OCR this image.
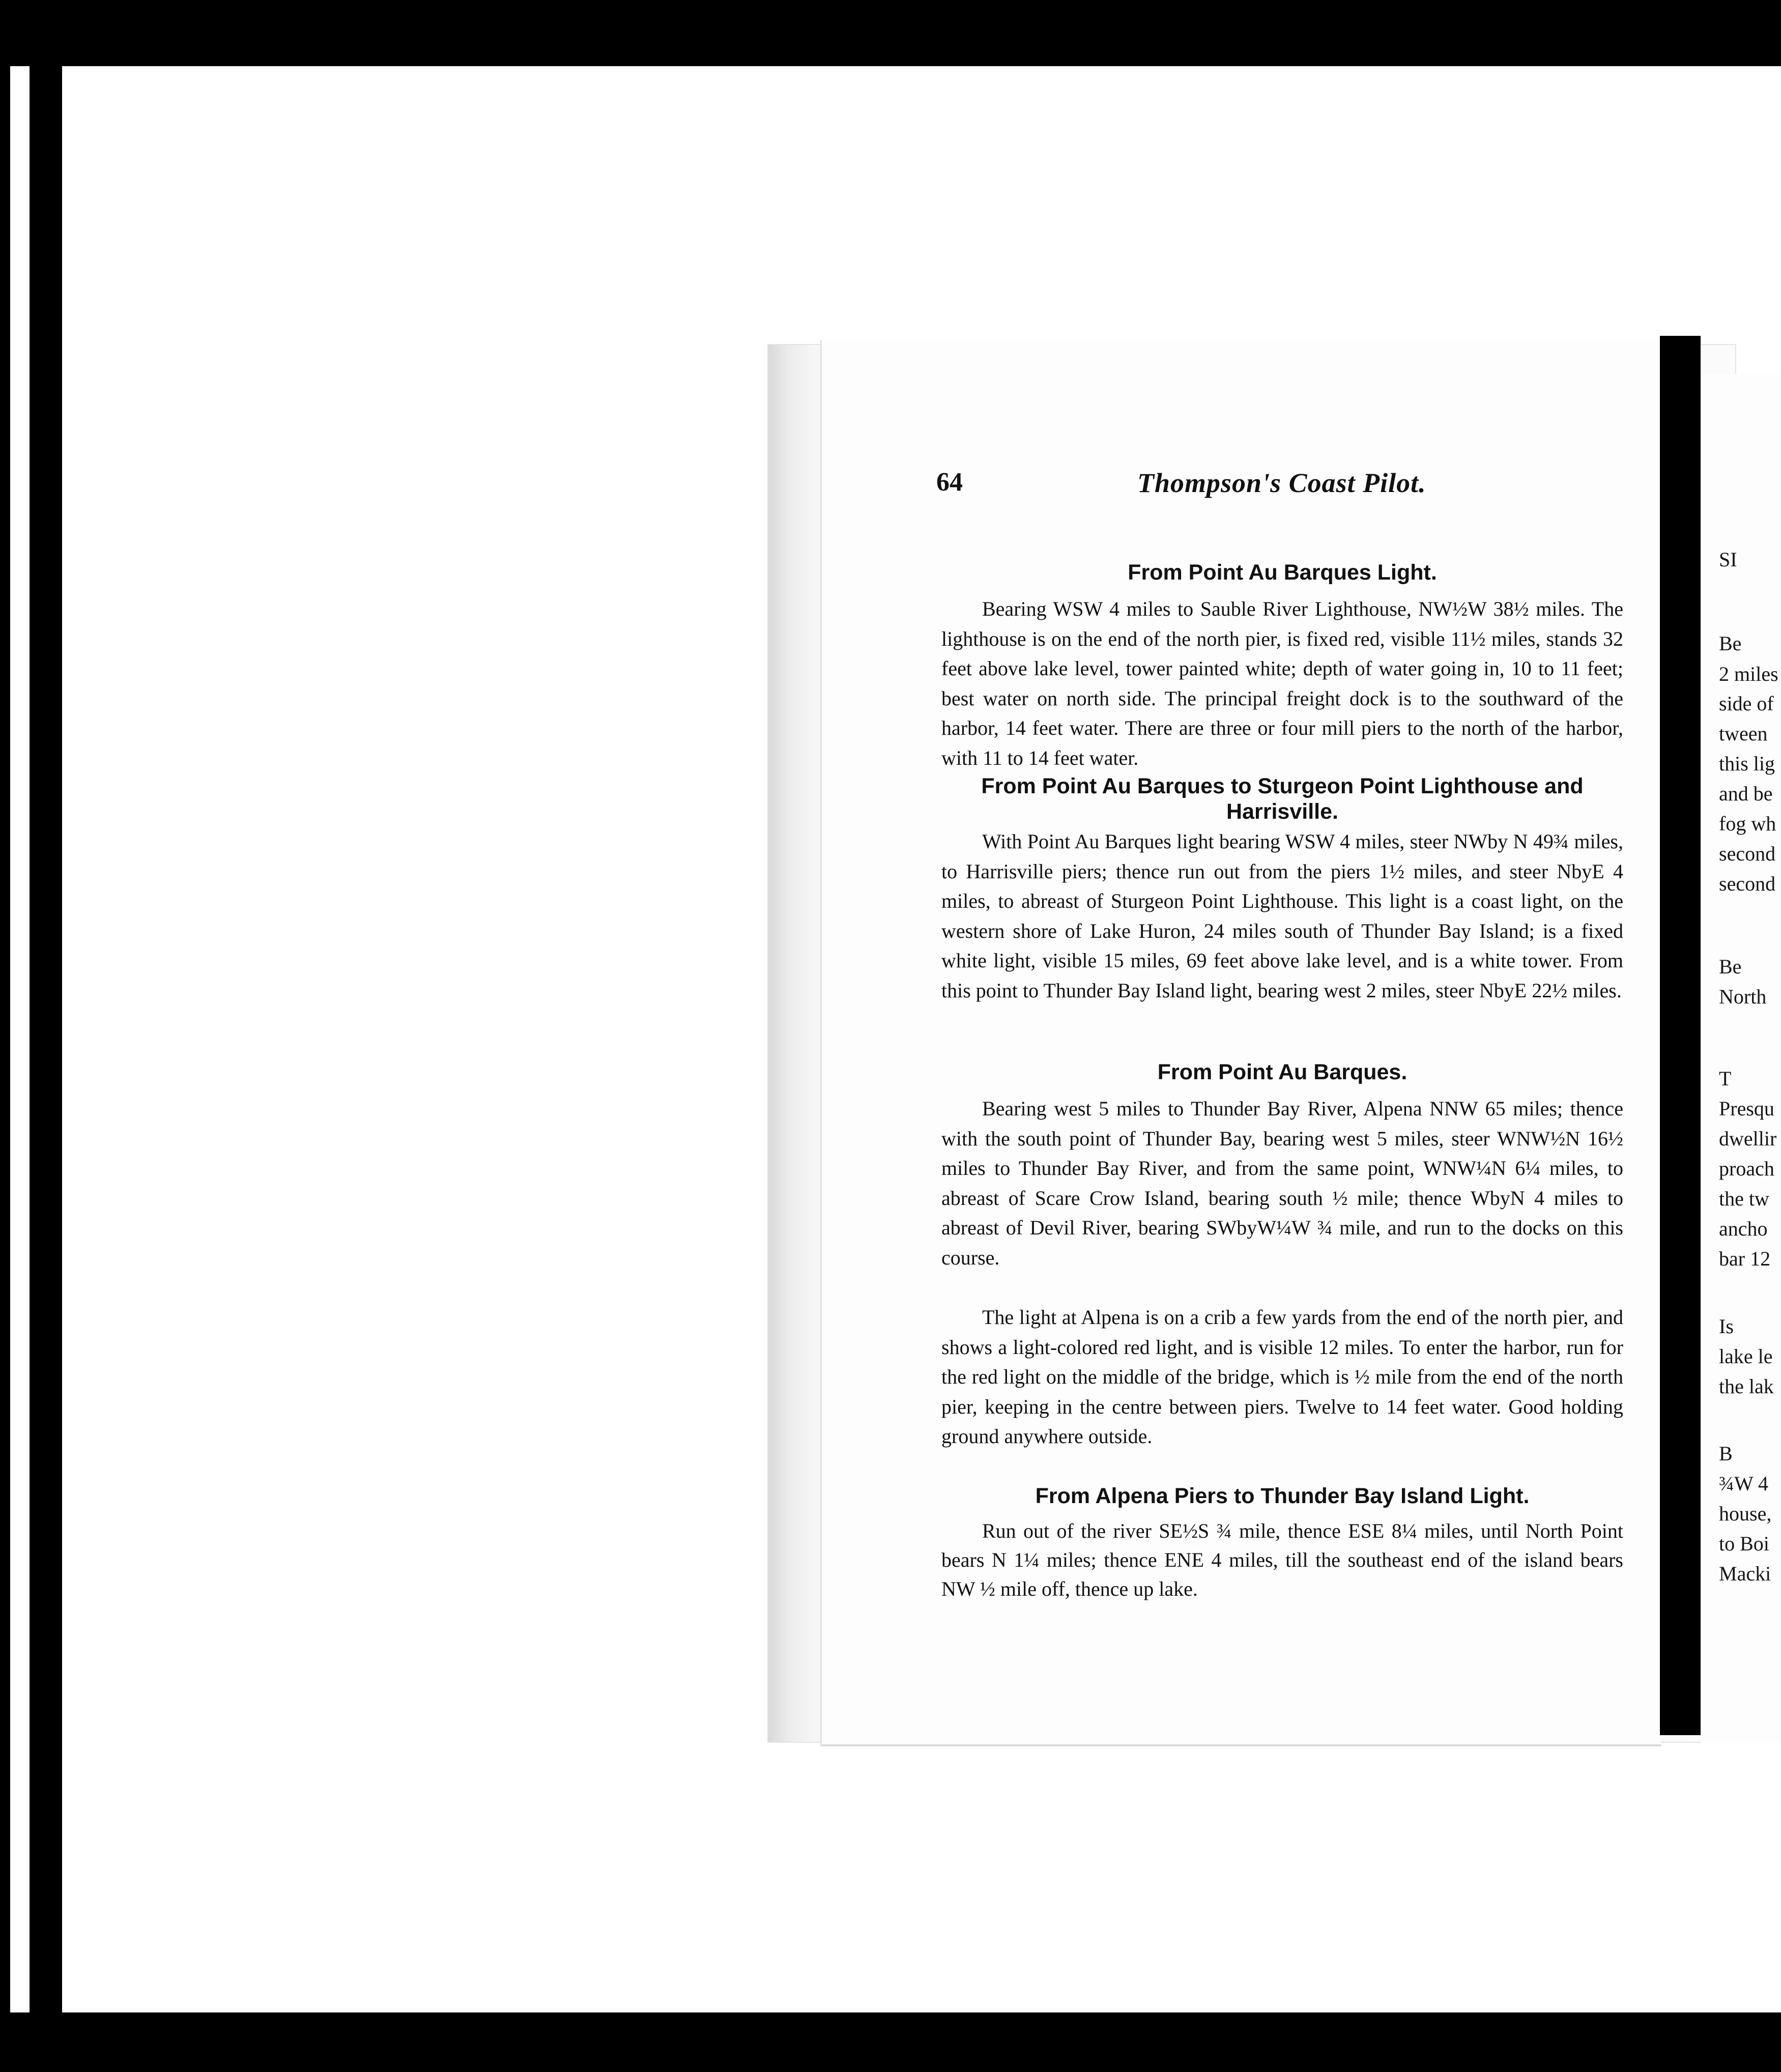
SI
Be
2 miles
side of
tween
this lig
and be
fog wh
second
second
Be
North
T
Presqu
dwellir
proach
the tw
ancho
bar 12
Is
lake le
the lak
B
¾W 4
house,
to Boi
Macki
64	Thompson's Coast Pilot.
From Point Au Barques Light.
Bearing WSW 4 miles to Sauble River Lighthouse, NW½W 38½ miles. The lighthouse is on the end of the north pier, is fixed red, visible 11½ miles, stands 32 feet above lake level, tower painted white; depth of water going in, 10 to 11 feet; best water on north side. The principal freight dock is to the southward of the harbor, 14 feet water. There are three or four mill piers to the north of the harbor, with 11 to 14 feet water.
From Point Au Barques to Sturgeon Point Lighthouse and Harrisville.
With Point Au Barques light bearing WSW 4 miles, steer NWby N 49¾ miles, to Harrisville piers; thence run out from the piers 1½ miles, and steer NbyE 4 miles, to abreast of Sturgeon Point Lighthouse. This light is a coast light, on the western shore of Lake Huron, 24 miles south of Thunder Bay Island; is a fixed white light, visible 15 miles, 69 feet above lake level, and is a white tower. From this point to Thunder Bay Island light, bearing west 2 miles, steer NbyE 22½ miles.
From Point Au Barques.
Bearing west 5 miles to Thunder Bay River, Alpena NNW 65 miles; thence with the south point of Thunder Bay, bearing west 5 miles, steer WNW½N 16½ miles to Thunder Bay River, and from the same point, WNW¼N 6¼ miles, to abreast of Scare Crow Island, bearing south ½ mile; thence WbyN 4 miles to abreast of Devil River, bearing SWbyW¼W ¾ mile, and run to the docks on this course.
The light at Alpena is on a crib a few yards from the end of the north pier, and shows a light-colored red light, and is visible 12 miles. To enter the harbor, run for the red light on the middle of the bridge, which is ½ mile from the end of the north pier, keeping in the centre between piers. Twelve to 14 feet water. Good holding ground anywhere outside.
From Alpena Piers to Thunder Bay Island Light.
Run out of the river SE½S ¾ mile, thence ESE 8¼ miles, until North Point bears N 1¼ miles; thence ENE 4 miles, till the southeast end of the island bears NW ½ mile off, thence up lake.
